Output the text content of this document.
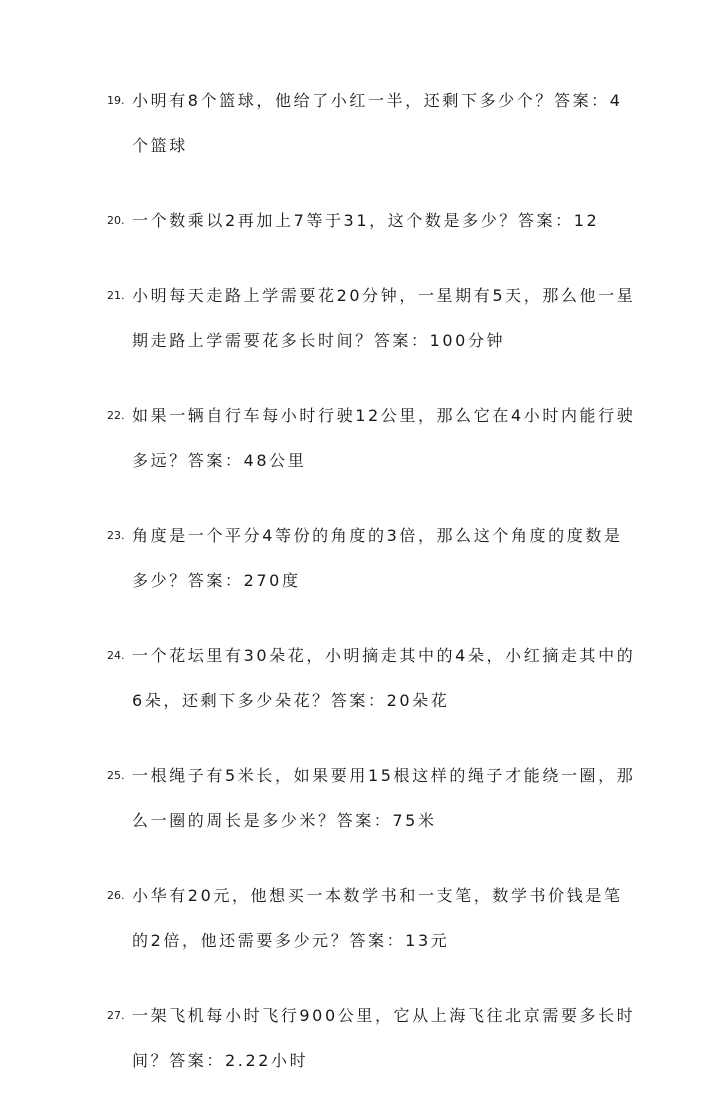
19. 小明有8个篮球，他给了小红一半，还剩下多少个？答案：4个篮球
20. 一个数乘以2再加上7等于31，这个数是多少？答案：12
21. 小明每天走路上学需要花20分钟，一星期有5天，那么他一星期走路上学需要花多长时间？答案：100分钟
22. 如果一辆自行车每小时行驶12公里，那么它在4小时内能行驶多远？答案：48公里
23. 角度是一个平分4等份的角度的3倍，那么这个角度的度数是多少？答案：270度
24. 一个花坛里有30朵花，小明摘走其中的4朵，小红摘走其中的6朵，还剩下多少朵花？答案：20朵花
25. 一根绳子有5米长，如果要用15根这样的绳子才能绕一圈，那么一圈的周长是多少米？答案：75米
26. 小华有20元，他想买一本数学书和一支笔，数学书价钱是笔的2倍，他还需要多少元？答案：13元
27. 一架飞机每小时飞行900公里，它从上海飞往北京需要多长时间？答案：2.22小时
